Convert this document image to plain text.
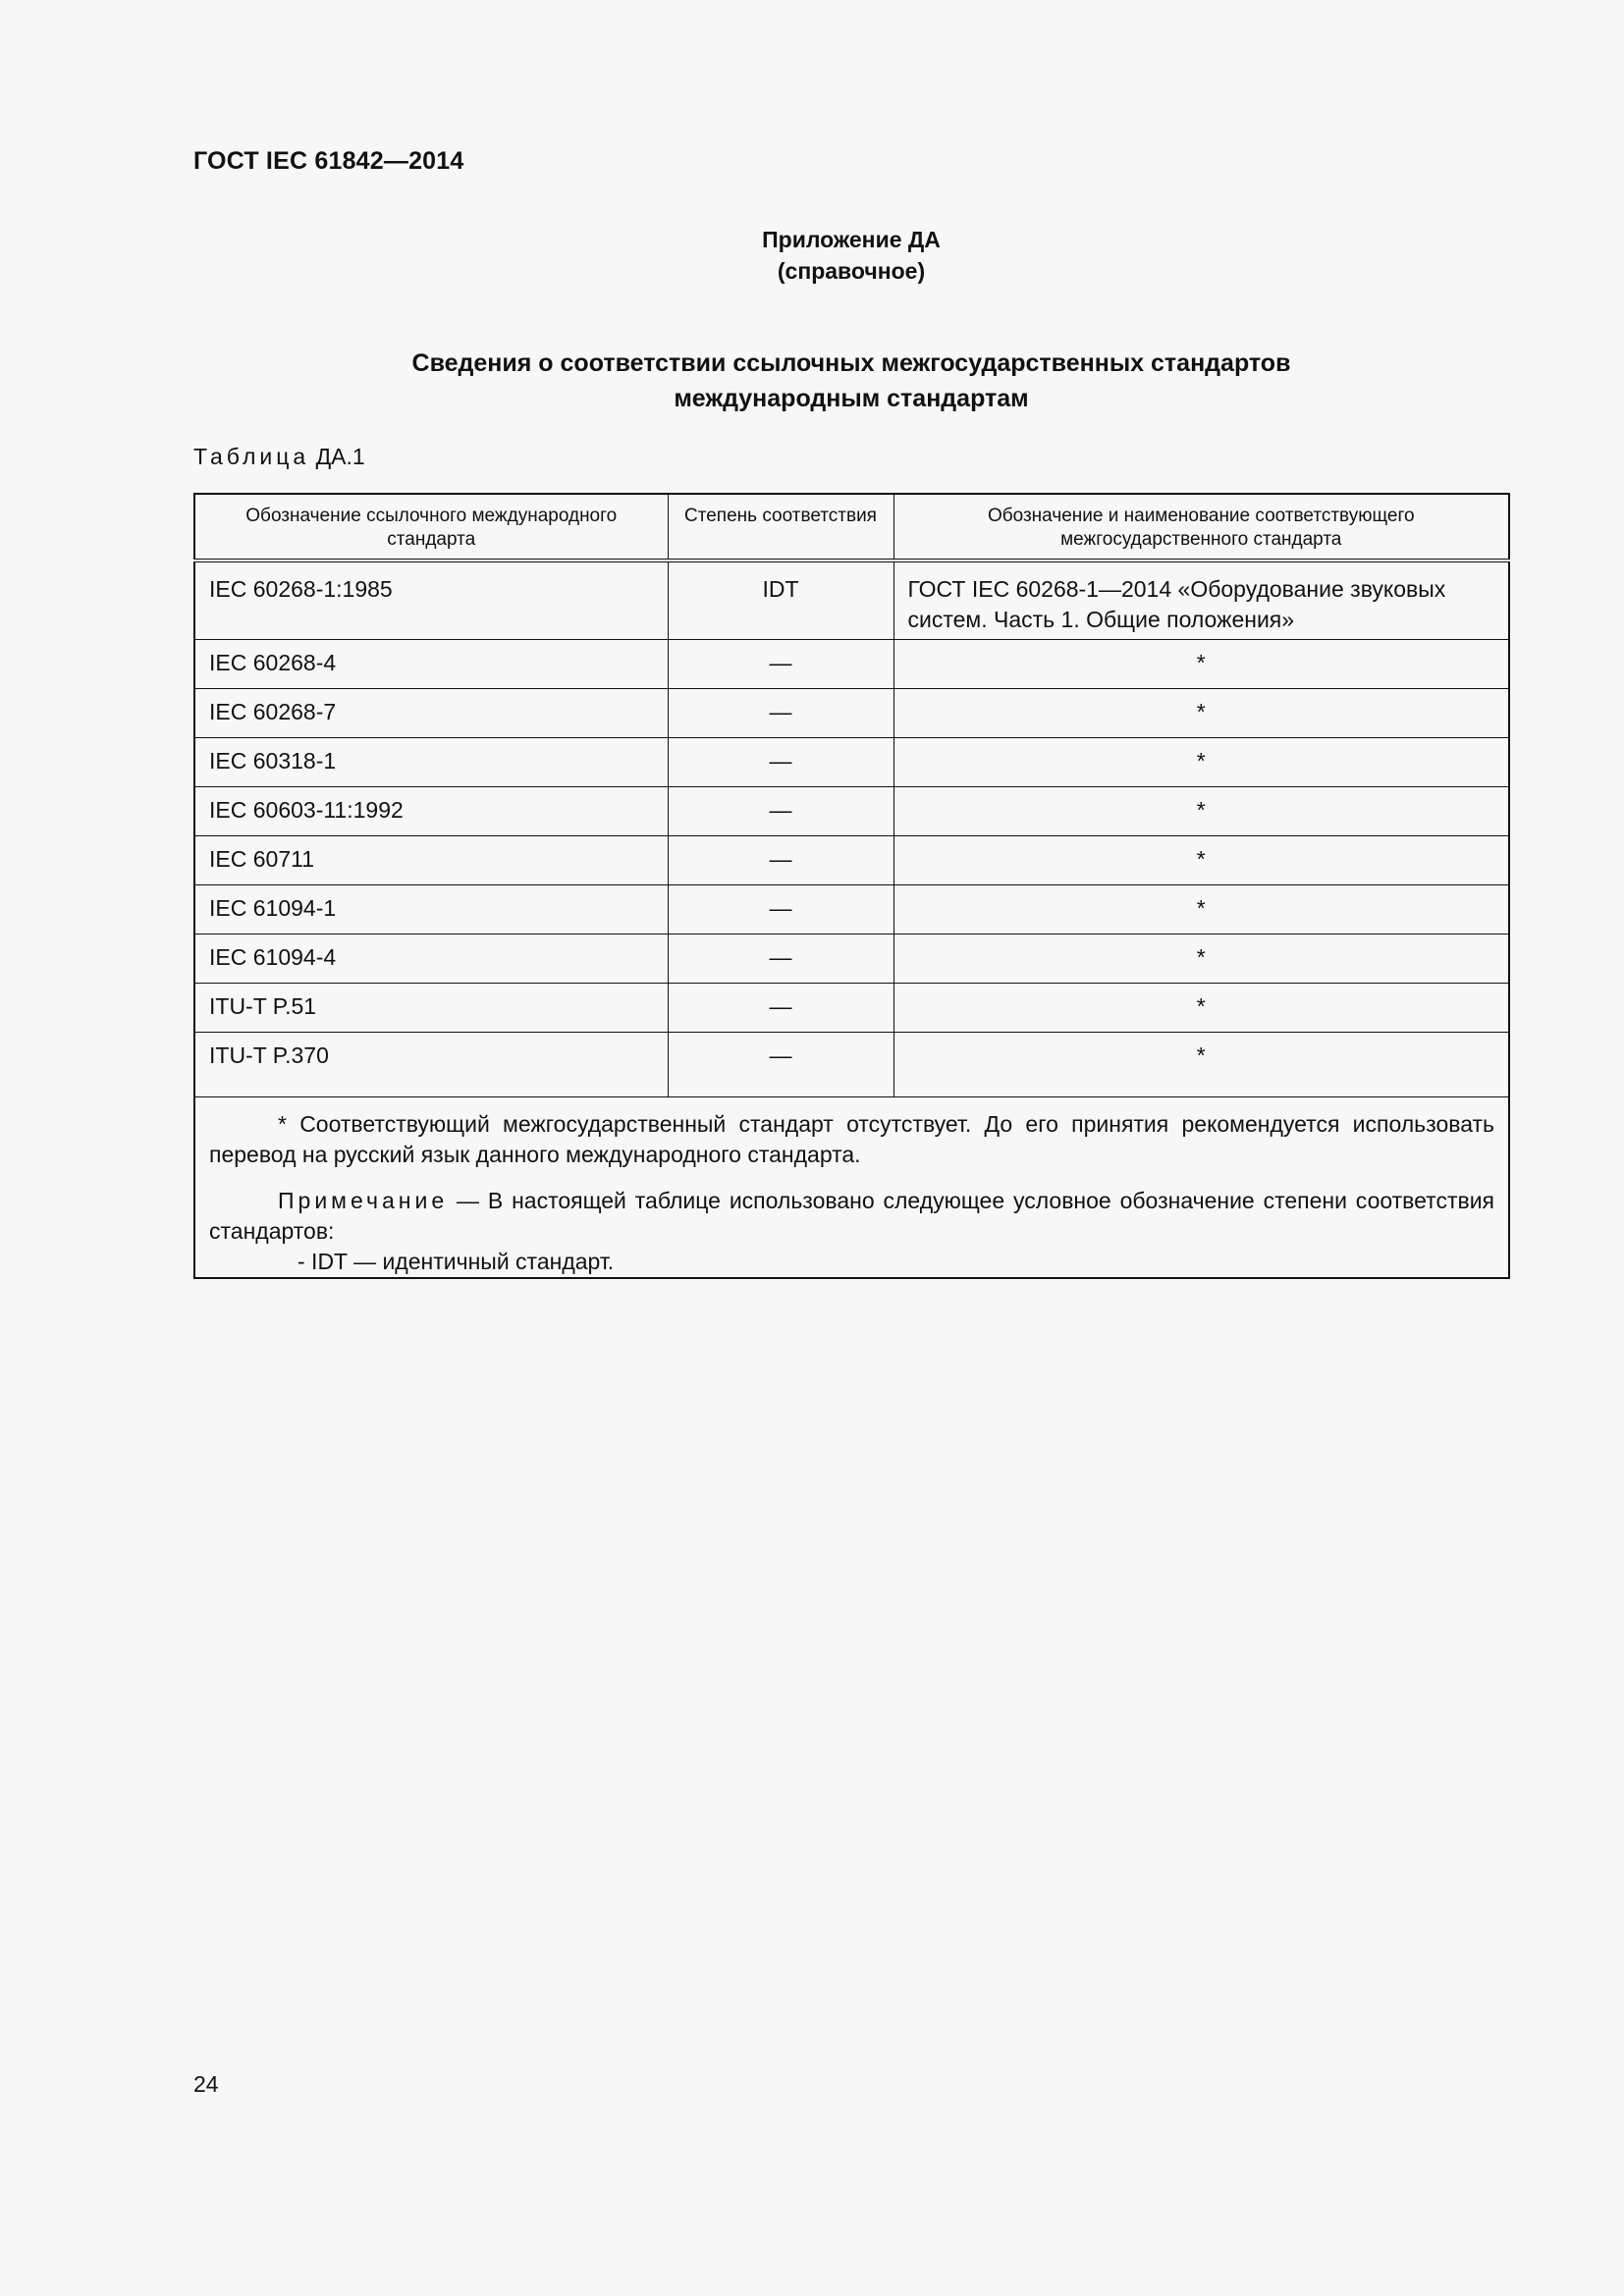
ГОСТ IEC 61842—2014
Приложение ДА
(справочное)
Сведения о соответствии ссылочных межгосударственных стандартов
международным стандартам
Таблица ДА.1
Обозначение ссылочного международного стандарта	Степень соответствия	Обозначение и наименование соответствующего межгосударственного стандарта
IEC 60268-1:1985	IDT	ГОСТ IEC 60268-1—2014 «Оборудование звуковых систем. Часть 1. Общие положения»
IEC 60268-4	—	*
IEC 60268-7	—	*
IEC 60318-1	—	*
IEC 60603-11:1992	—	*
IEC 60711	—	*
IEC 61094-1	—	*
IEC 61094-4	—	*
ITU-T P.51	—	*
ITU-T P.370	—	*

* Соответствующий межгосударственный стандарт отсутствует. До его принятия рекомендуется использовать перевод на русский язык данного международного стандарта.

Примечание — В настоящей таблице использовано следующее условное обозначение степени соответствия стандартов:

- IDT — идентичный стандарт.		

24
